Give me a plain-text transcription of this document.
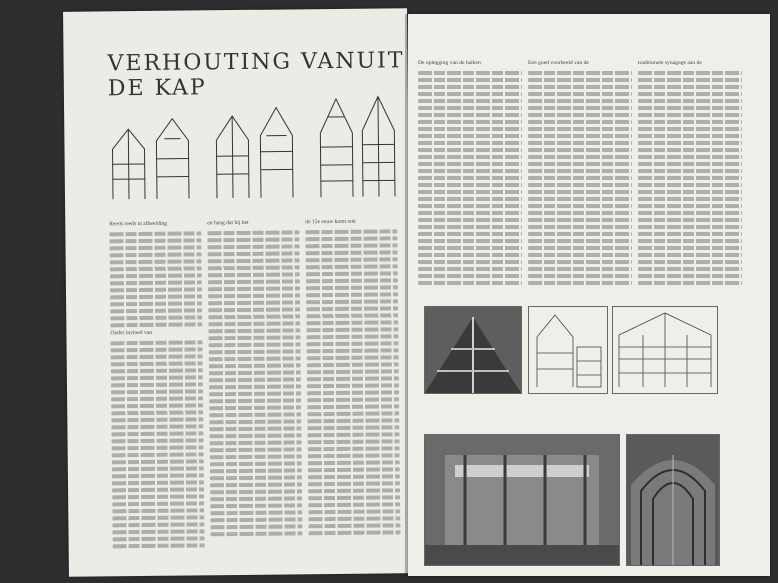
VERHOUTING VANUIT DE KAP
Reeds reeds in afbeelding
Onder invloed van
en hang dat bij het	de 15e eeuw komt ook
De oplegging van de balken	Een goed voorbeeld van de	traditionele synagoge aan de
